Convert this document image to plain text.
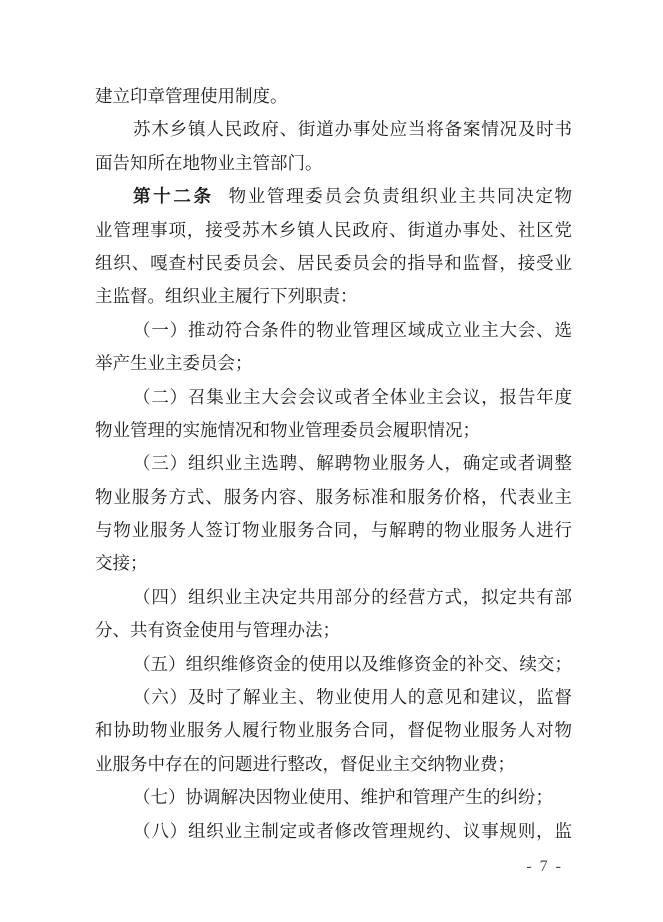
建立印章管理使用制度。
苏木乡镇人民政府、街道办事处应当将备案情况及时书
面告知所在地物业主管部门。
第十二条 物业管理委员会负责组织业主共同决定物
业管理事项，接受苏木乡镇人民政府、街道办事处、社区党
组织、嘎查村民委员会、居民委员会的指导和监督，接受业
主监督。组织业主履行下列职责：
（一）推动符合条件的物业管理区域成立业主大会、选
举产生业主委员会；
（二）召集业主大会会议或者全体业主会议，报告年度
物业管理的实施情况和物业管理委员会履职情况；
（三）组织业主选聘、解聘物业服务人，确定或者调整
物业服务方式、服务内容、服务标准和服务价格，代表业主
与物业服务人签订物业服务合同，与解聘的物业服务人进行
交接；
（四）组织业主决定共用部分的经营方式，拟定共有部
分、共有资金使用与管理办法；
（五）组织维修资金的使用以及维修资金的补交、续交；
（六）及时了解业主、物业使用人的意见和建议，监督
和协助物业服务人履行物业服务合同，督促物业服务人对物
业服务中存在的问题进行整改，督促业主交纳物业费；
（七）协调解决因物业使用、维护和管理产生的纠纷；
（八）组织业主制定或者修改管理规约、议事规则，监
- 7 -
